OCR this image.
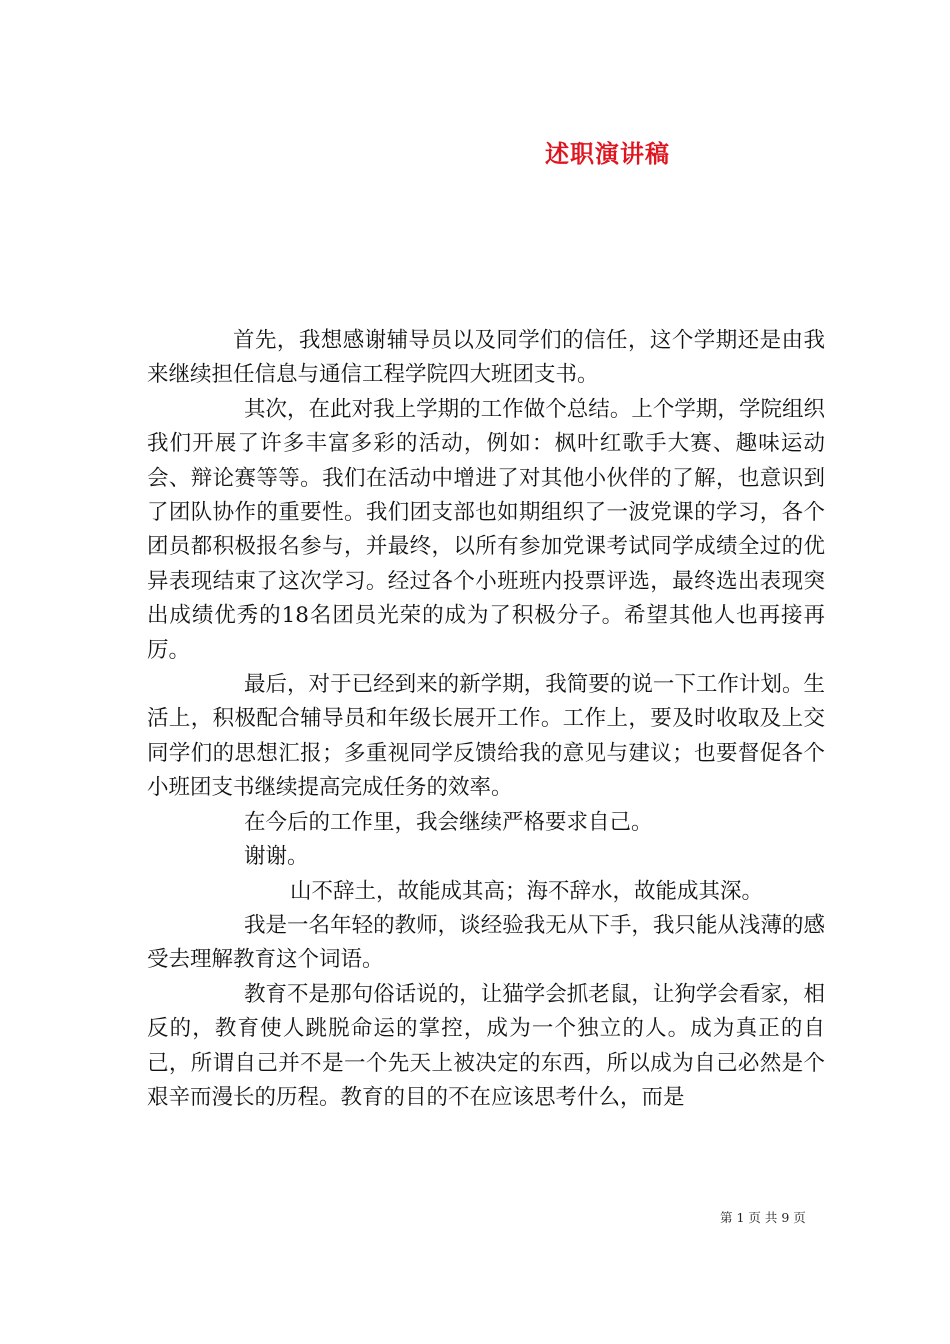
述职演讲稿

首先，我想感谢辅导员以及同学们的信任，这个学期还是由我来继续担任信息与通信工程学院四大班团支书。

其次，在此对我上学期的工作做个总结。上个学期，学院组织我们开展了许多丰富多彩的活动，例如：枫叶红歌手大赛、趣味运动会、辩论赛等等。我们在活动中增进了对其他小伙伴的了解，也意识到了团队协作的重要性。我们团支部也如期组织了一波党课的学习，各个团员都积极报名参与，并最终，以所有参加党课考试同学成绩全过的优异表现结束了这次学习。经过各个小班班内投票评选，最终选出表现突出成绩优秀的18名团员光荣的成为了积极分子。希望其他人也再接再厉。

最后，对于已经到来的新学期，我简要的说一下工作计划。生活上，积极配合辅导员和年级长展开工作。工作上，要及时收取及上交同学们的思想汇报；多重视同学反馈给我的意见与建议；也要督促各个小班团支书继续提高完成任务的效率。

在今后的工作里，我会继续严格要求自己。

谢谢。

山不辞土，故能成其高；海不辞水，故能成其深。

我是一名年轻的教师，谈经验我无从下手，我只能从浅薄的感受去理解教育这个词语。

教育不是那句俗话说的，让猫学会抓老鼠，让狗学会看家，相反的，教育使人跳脱命运的掌控，成为一个独立的人。成为真正的自己，所谓自己并不是一个先天上被决定的东西，所以成为自己必然是个艰辛而漫长的历程。教育的目的不在应该思考什么，而是

第 1 页 共 9 页
